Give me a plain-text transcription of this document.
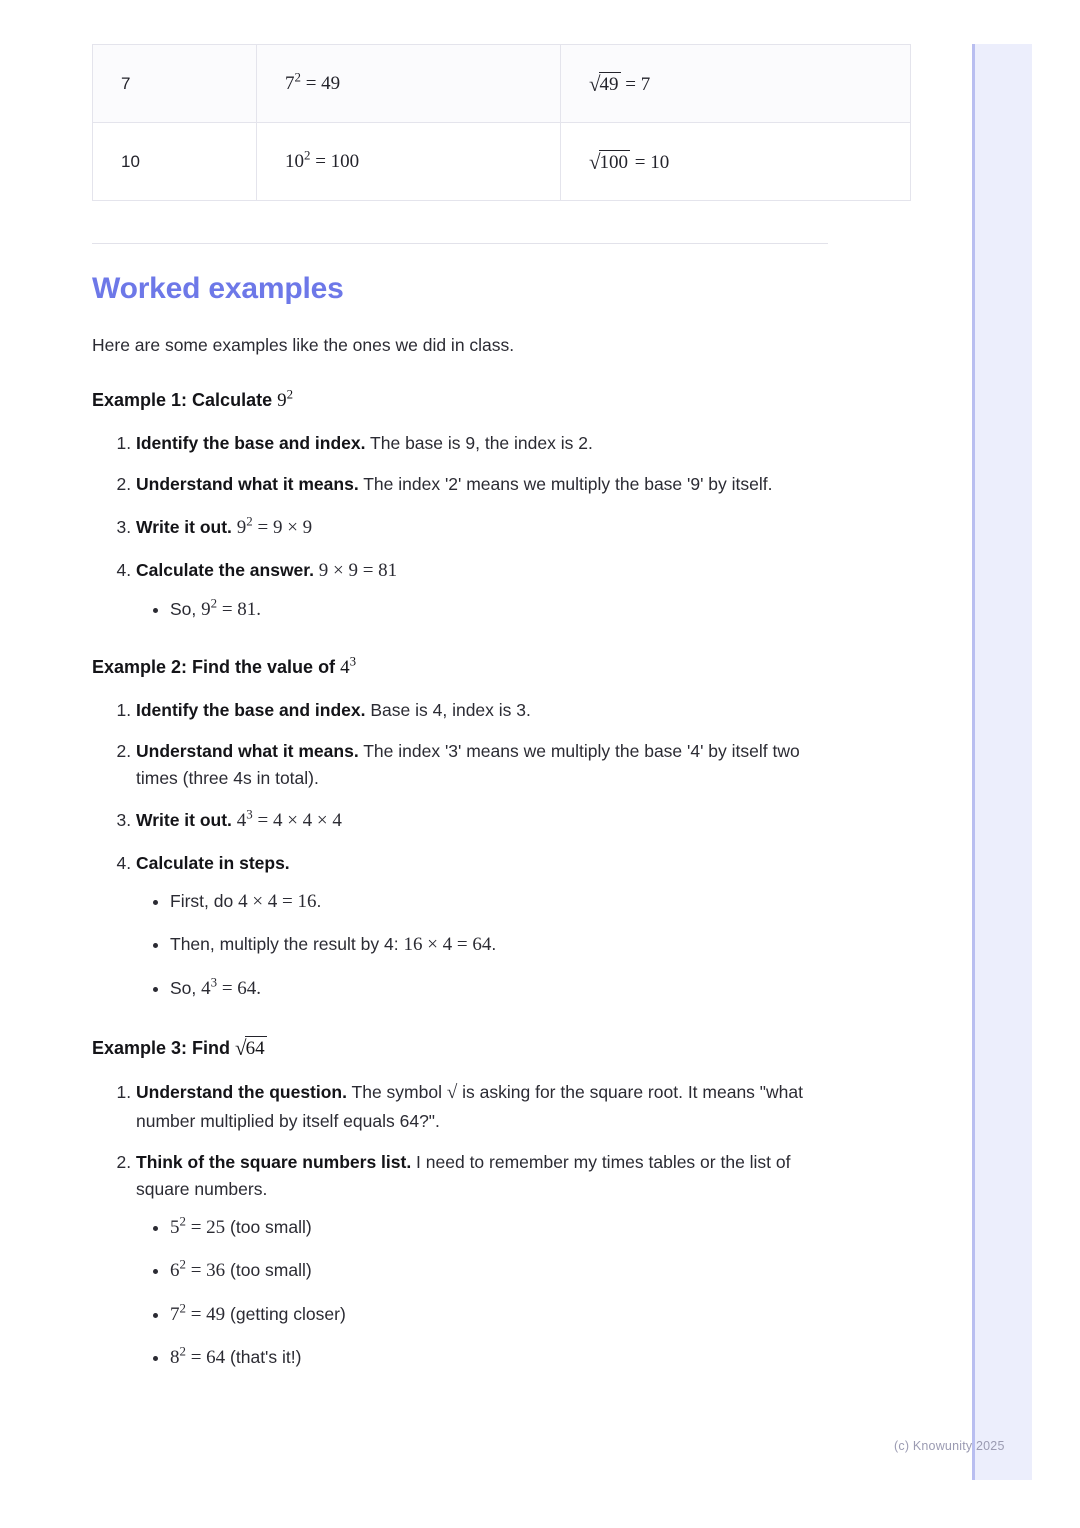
7	$7^2 = 49$	√49 = 7
10	$10^2 = 100$	√100 = 10
Worked examples

Here are some examples like the ones we did in class.

Example 1: Calculate $9^2$
1. Identify the base and index. The base is 9, the index is 2.
2. Understand what it means. The index '2' means we multiply the base '9' by itself.
3. Write it out. $9^2 = 9 \times 9$
4. Calculate the answer. 9 × 9 = 81
• So, $9^2 = 81$.
Example 2: Find the value of $4^3$
1. Identify the base and index. Base is 4, index is 3.
2. Understand what it means. The index '3' means we multiply the base '4' by itself two times (three 4s in total).
3. Write it out. $4^3 = 4 \times 4 \times 4$
4. Calculate in steps.
• First, do 4 × 4 = 16.
• Then, multiply the result by 4: 16 × 4 = 64.
• So, $4^3 = 64$.
Example 3: Find √64
1. Understand the question. The symbol √ is asking for the square root. It means "what number multiplied by itself equals 64?".
2. Think of the square numbers list. I need to remember my times tables or the list of square numbers.
• $5^2 = 25$ (too small)
• $6^2 = 36$ (too small)
• $7^2 = 49$ (getting closer)
• $8^2 = 64$ (that's it!)
(c) Knowunity 2025
